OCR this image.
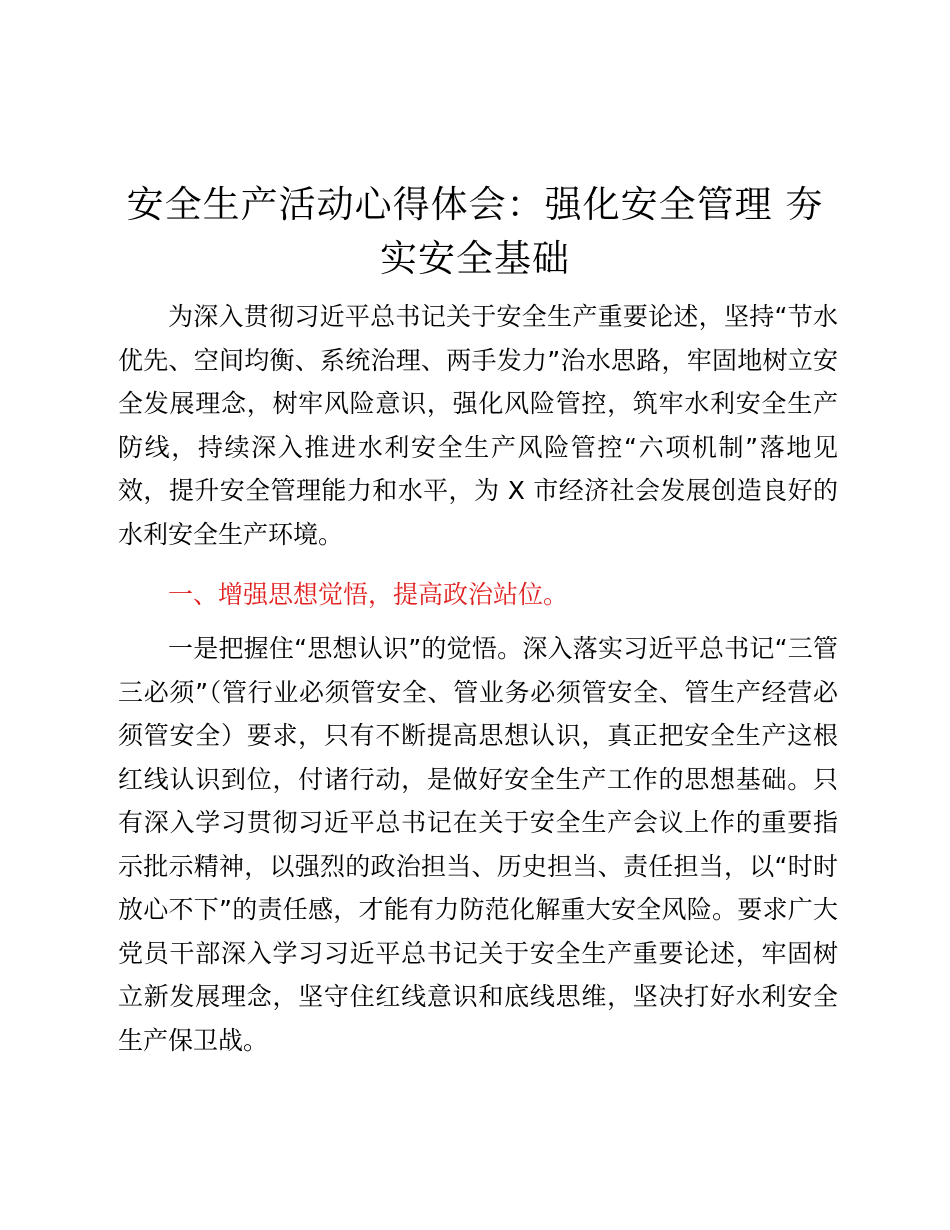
安全生产活动心得体会：强化安全管理 夯实安全基础
为深入贯彻习近平总书记关于安全生产重要论述，坚持“节水优先、空间均衡、系统治理、两手发力”治水思路，牢固地树立安全发展理念，树牢风险意识，强化风险管控，筑牢水利安全生产防线，持续深入推进水利安全生产风险管控“六项机制”落地见效，提升安全管理能力和水平，为 X 市经济社会发展创造良好的水利安全生产环境。
一、增强思想觉悟，提高政治站位。
一是把握住“思想认识”的觉悟。深入落实习近平总书记“三管三必须”（管行业必须管安全、管业务必须管安全、管生产经营必须管安全）要求，只有不断提高思想认识，真正把安全生产这根红线认识到位，付诸行动，是做好安全生产工作的思想基础。只有深入学习贯彻习近平总书记在关于安全生产会议上作的重要指示批示精神，以强烈的政治担当、历史担当、责任担当，以“时时放心不下”的责任感，才能有力防范化解重大安全风险。要求广大党员干部深入学习习近平总书记关于安全生产重要论述，牢固树立新发展理念，坚守住红线意识和底线思维，坚决打好水利安全生产保卫战。
